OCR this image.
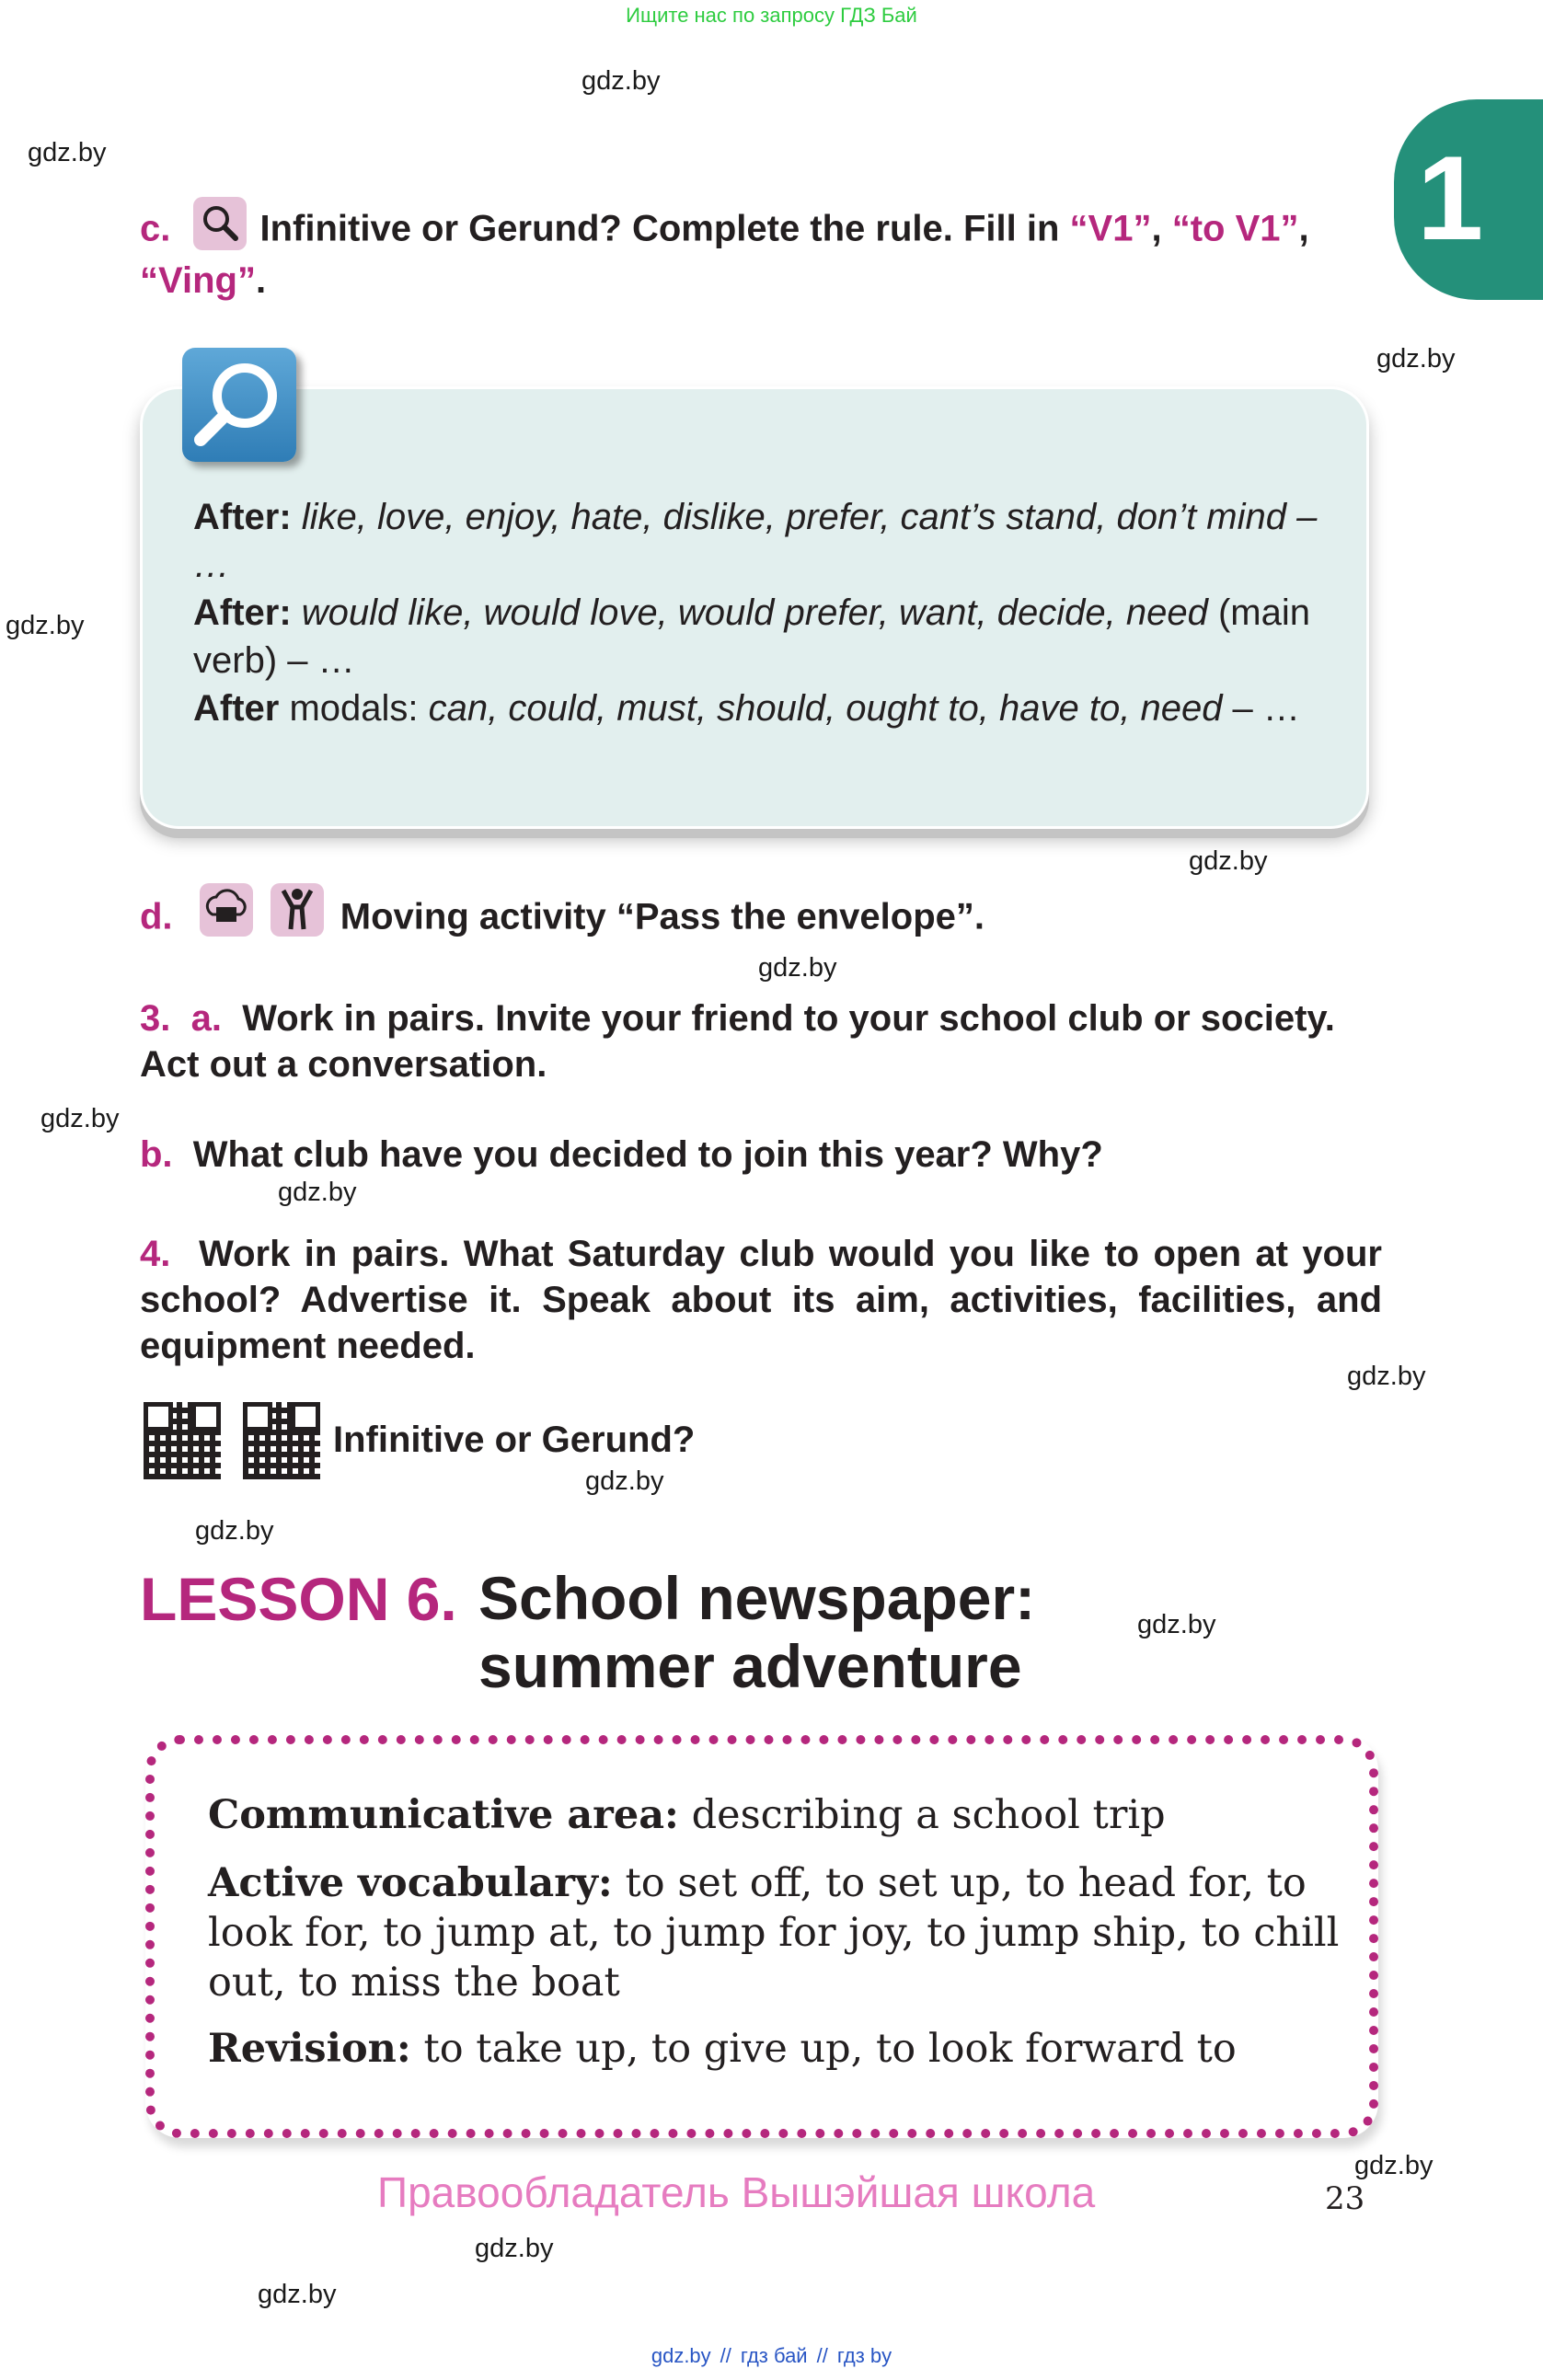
Ищите нас по запросу ГДЗ Бай
gdz.by
gdz.by
gdz.by
gdz.by
gdz.by
gdz.by
gdz.by
gdz.by
gdz.by
gdz.by
gdz.by
gdz.by
gdz.by
gdz.by
gdz.by
1
c. Infinitive or Gerund? Complete the rule. Fill in “V1”, “to V1”,
“Ving”.
After: like, love, enjoy, hate, dislike, prefer, cant’s stand, don’t mind – …
After: would like, would love, would prefer, want, decide, need (main verb) – …
After modals: can, could, must, should, ought to, have to, need – …
d.	Moving activity “Pass the envelope”.
3. a. Work in pairs. Invite your friend to your school club or society. Act out a conversation.
b. What club have you decided to join this year? Why?
4. Work in pairs. What Saturday club would you like to open at your school? Advertise it. Speak about its aim, activities, facilities, and equipment needed.
Infinitive or Gerund?
LESSON 6. School newspaper:
summer adventure
Communicative area: describing a school trip
Active vocabulary: to set off, to set up, to head for, to look for, to jump at, to jump for joy, to jump ship, to chill out, to miss the boat
Revision: to take up, to give up, to look forward to
Правообладатель Вышэйшая школа	23
gdz.by // гдз бай // гдз by
